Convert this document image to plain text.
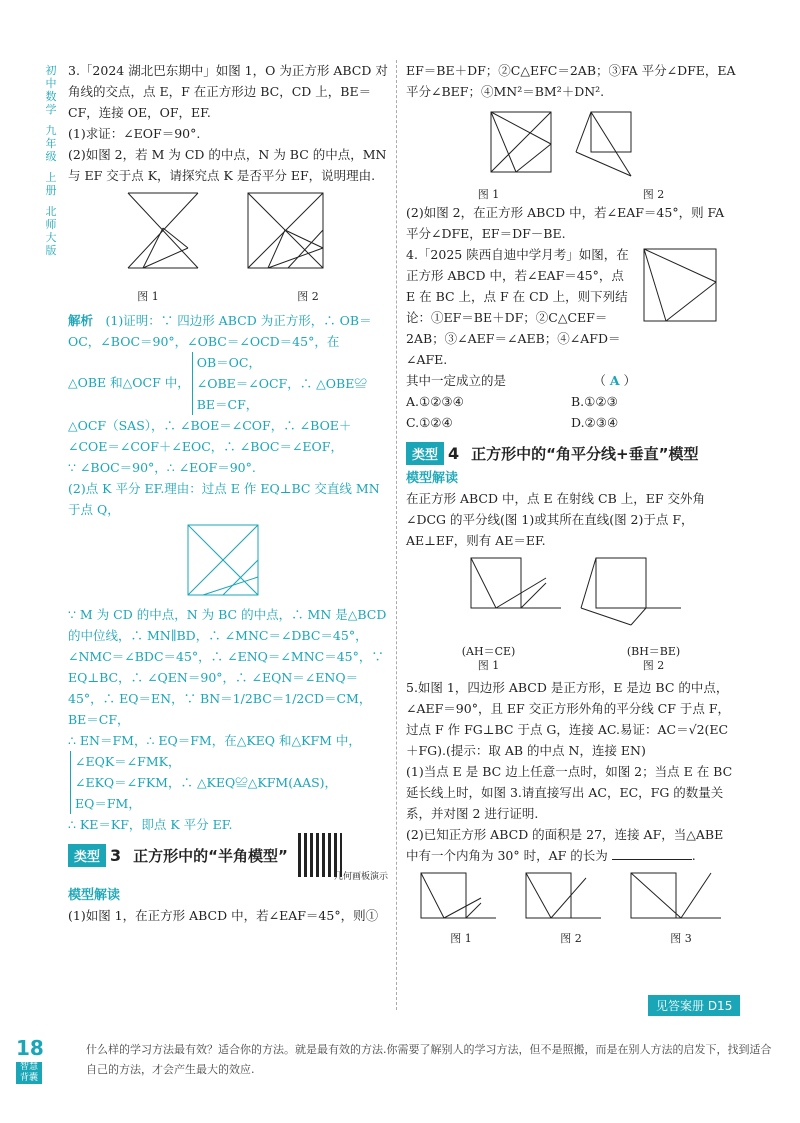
初中数学
九年级
上册
北师大版

3.「2024 湖北巴东期中」如图 1，O 为正方形 ABCD 对角线的交点，点 E，F 在正方形边 BC，CD 上，BE＝CF，连接 OE，OF，EF.

(1)求证：∠EOF＝90°.

(2)如图 2，若 M 为 CD 的中点，N 为 BC 的中点，MN 与 EF 交于点 K，请探究点 K 是否平分 EF，说明理由.

图 1	图 2

解析　 (1)证明：∵ 四边形 ABCD 为正方形，∴ OB＝OC，∠BOC＝90°，∠OBC＝∠OCD＝45°，在

△OBE 和△OCF 中，OB＝OC，
∠OBE＝∠OCF，∴ △OBE≌
BE＝CF，

△OCF（SAS），∴ ∠BOE＝∠COF，∴ ∠BOE＋∠COE＝∠COF＋∠EOC，∴ ∠BOC＝∠EOF，

∵ ∠BOC＝90°，∴ ∠EOF＝90°.

(2)点 K 平分 EF.理由：过点 E 作 EQ⊥BC 交直线 MN 于点 Q，

∵ M 为 CD 的中点，N 为 BC 的中点，∴ MN 是△BCD 的中位线，∴ MN∥BD，∴ ∠MNC＝∠DBC＝45°，∠NMC＝∠BDC＝45°，∴ ∠ENQ＝∠MNC＝45°，∵ EQ⊥BC，∴ ∠QEN＝90°，∴ ∠EQN＝∠ENQ＝45°，∴ EQ＝EN，∵ BN＝1/2BC＝1/2CD＝CM，BE＝CF，

∴ EN＝FM，∴ EQ＝FM，在△KEQ 和△KFM 中，

∠EQK＝∠FMK，
∠EKQ＝∠FKM，∴ △KEQ≌△KFM(AAS)，
EQ＝FM，

∴ KE＝KF，即点 K 平分 EF.

类型 3 正方形中的“半角模型”
几何画板演示
模型解读

(1)如图 1，在正方形 ABCD 中，若∠EAF＝45°，则①

EF＝BE＋DF；②C△EFC＝2AB；③FA 平分∠DFE，EA 平分∠BEF；④MN²＝BM²＋DN².

图 1	图 2

(2)如图 2，在正方形 ABCD 中，若∠EAF＝45°，则 FA 平分∠DFE，EF＝DF－BE.

4.「2025 陕西自迪中学月考」如图，在正方形 ABCD 中，若∠EAF＝45°，点 E 在 BC 上，点 F 在 CD 上，则下列结论：①EF＝BE＋DF；②C△CEF＝2AB；③∠AEF＝∠AEB；④∠AFD＝∠AFE.

其中一定成立的是	（ A ）

A.①②③④	B.①②③
C.①②④	D.②③④
类型 4 正方形中的“角平分线+垂直”模型
模型解读

在正方形 ABCD 中，点 E 在射线 CB 上，EF 交外角∠DCG 的平分线(图 1)或其所在直线(图 2)于点 F，AE⊥EF，则有 AE＝EF.

(AH＝CE)	(BH＝BE)
图 1	图 2

5.如图 1，四边形 ABCD 是正方形，E 是边 BC 的中点，∠AEF＝90°，且 EF 交正方形外角的平分线 CF 于点 F，过点 F 作 FG⊥BC 于点 G，连接 AC.易证：AC＝√2(EC＋FG).(提示：取 AB 的中点 N，连接 EN)

(1)当点 E 是 BC 边上任意一点时，如图 2；当点 E 在 BC 延长线上时，如图 3.请直接写出 AC，EC，FG 的数量关系，并对图 2 进行证明.

(2)已知正方形 ABCD 的面积是 27，连接 AF，当△ABE 中有一个内角为 30° 时，AF 的长为	.

图 1	图 2	图 3
见答案册 D15
18
智慧背囊
什么样的学习方法最有效？适合你的方法。就是最有效的方法.你需要了解别人的学习方法，但不是照搬，而是在别人方法的启发下，找到适合自己的方法，才会产生最大的效应.
